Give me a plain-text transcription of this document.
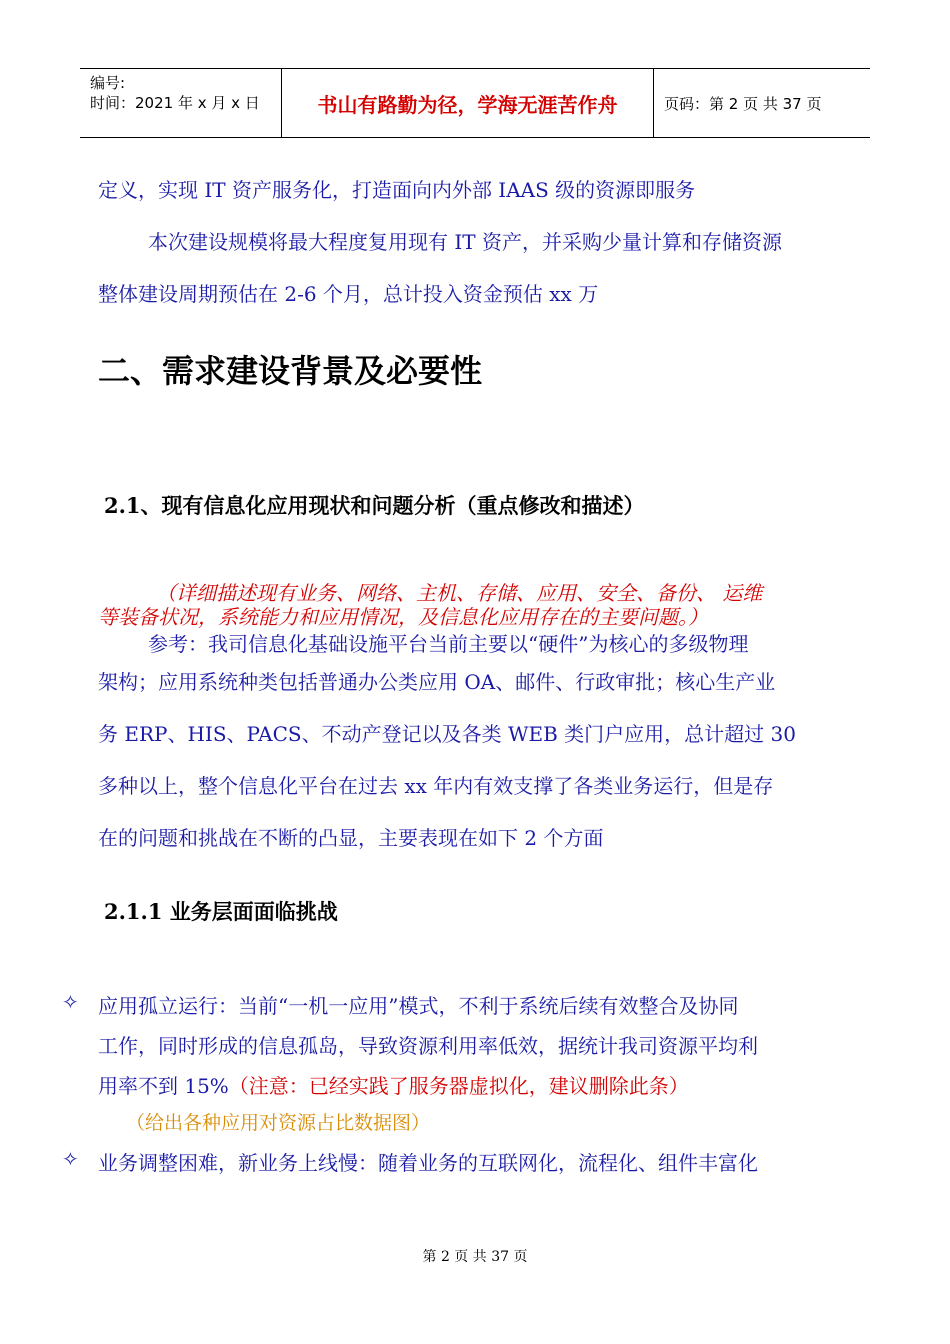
编号:
时间：2021 年 x 月 x 日	书山有路勤为径，学海无涯苦作舟	页码：第 2 页 共 37 页
定义，实现 IT 资产服务化，打造面向内外部 IAAS 级的资源即服务
本次建设规模将最大程度复用现有 IT 资产，并采购少量计算和存储资源
整体建设周期预估在 2-6 个月，总计投入资金预估 xx 万
二、需求建设背景及必要性
2.1、现有信息化应用现状和问题分析（重点修改和描述）
（详细描述现有业务、网络、主机、存储、应用、安全、备份、 运维
等装备状况，系统能力和应用情况，及信息化应用存在的主要问题。）
参考：我司信息化基础设施平台当前主要以“硬件”为核心的多级物理
架构；应用系统种类包括普通办公类应用 OA、邮件、行政审批；核心生产业
务 ERP、HIS、PACS、不动产登记以及各类 WEB 类门户应用，总计超过 30
多种以上，整个信息化平台在过去 xx 年内有效支撑了各类业务运行，但是存
在的问题和挑战在不断的凸显，主要表现在如下 2 个方面
2.1.1 业务层面面临挑战
✧ 应用孤立运行：当前“一机一应用”模式，不利于系统后续有效整合及协同
工作，同时形成的信息孤岛，导致资源利用率低效，据统计我司资源平均利
用率不到 15%（注意：已经实践了服务器虚拟化，建议删除此条）
（给出各种应用对资源占比数据图）
✧ 业务调整困难，新业务上线慢：随着业务的互联网化，流程化、组件丰富化
第 2 页 共 37 页
